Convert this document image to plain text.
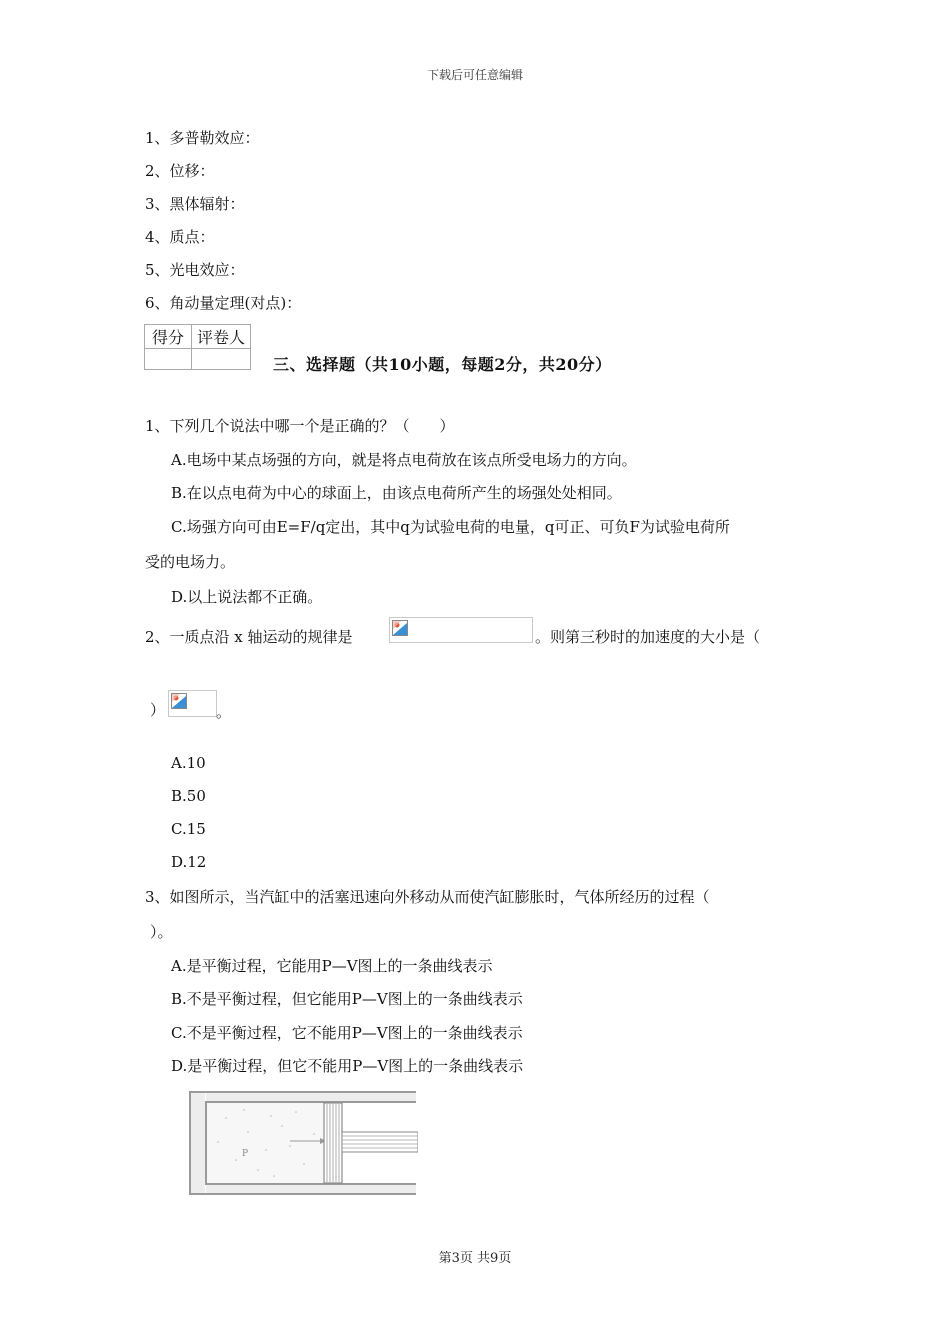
下载后可任意编辑
1、多普勒效应：
2、位移：
3、黑体辐射：
4、质点：
5、光电效应：
6、角动量定理(对点)：
得分	评卷人

三、选择题（共10小题，每题2分，共20分）
1、下列几个说法中哪一个是正确的？（　　）
A.电场中某点场强的方向，就是将点电荷放在该点所受电场力的方向。
B.在以点电荷为中心的球面上，由该点电荷所产生的场强处处相同。
C.场强方向可由E=F/q定出，其中q为试验电荷的电量，q可正、可负F为试验电荷所
受的电场力。
D.以上说法都不正确。
2、一质点沿 x 轴运动的规律是	。则第三秒时的加速度的大小是（
）	。
A.10
B.50
C.15
D.12
3、如图所示，当汽缸中的活塞迅速向外移动从而使汽缸膨胀时，气体所经历的过程（
）。
A.是平衡过程，它能用P—V图上的一条曲线表示
B.不是平衡过程，但它能用P—V图上的一条曲线表示
C.不是平衡过程，它不能用P—V图上的一条曲线表示
D.是平衡过程，但它不能用P—V图上的一条曲线表示
P
第3页 共9页
